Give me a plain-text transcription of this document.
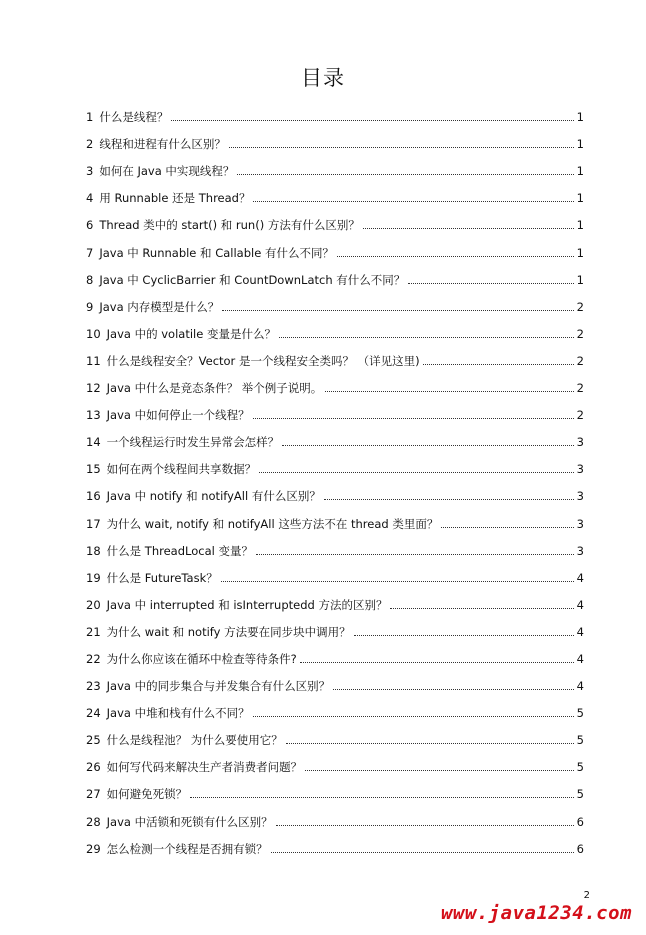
目录
1 什么是线程？	1
2 线程和进程有什么区别？	1
3 如何在 Java 中实现线程？	1
4 用 Runnable 还是 Thread？	1
6 Thread 类中的 start() 和 run() 方法有什么区别？	1
7 Java 中 Runnable 和 Callable 有什么不同？	1
8 Java 中 CyclicBarrier 和 CountDownLatch 有什么不同？	1
9 Java 内存模型是什么？	2
10 Java 中的 volatile 变量是什么？	2
11 什么是线程安全？Vector 是一个线程安全类吗？ （详见这里)	2
12 Java 中什么是竞态条件？ 举个例子说明。	2
13 Java 中如何停止一个线程？	2
14 一个线程运行时发生异常会怎样？	3
15 如何在两个线程间共享数据？	3
16 Java 中 notify 和 notifyAll 有什么区别？	3
17 为什么 wait, notify 和 notifyAll 这些方法不在 thread 类里面？	3
18 什么是 ThreadLocal 变量？	3
19 什么是 FutureTask？	4
20 Java 中 interrupted 和 isInterruptedd 方法的区别？	4
21 为什么 wait 和 notify 方法要在同步块中调用？	4
22 为什么你应该在循环中检查等待条件?	4
23 Java 中的同步集合与并发集合有什么区别？	4
24 Java 中堆和栈有什么不同？	5
25 什么是线程池？ 为什么要使用它？	5
26 如何写代码来解决生产者消费者问题？	5
27 如何避免死锁？	5
28 Java 中活锁和死锁有什么区别？	6
29 怎么检测一个线程是否拥有锁？	6
2
www.java1234.com
